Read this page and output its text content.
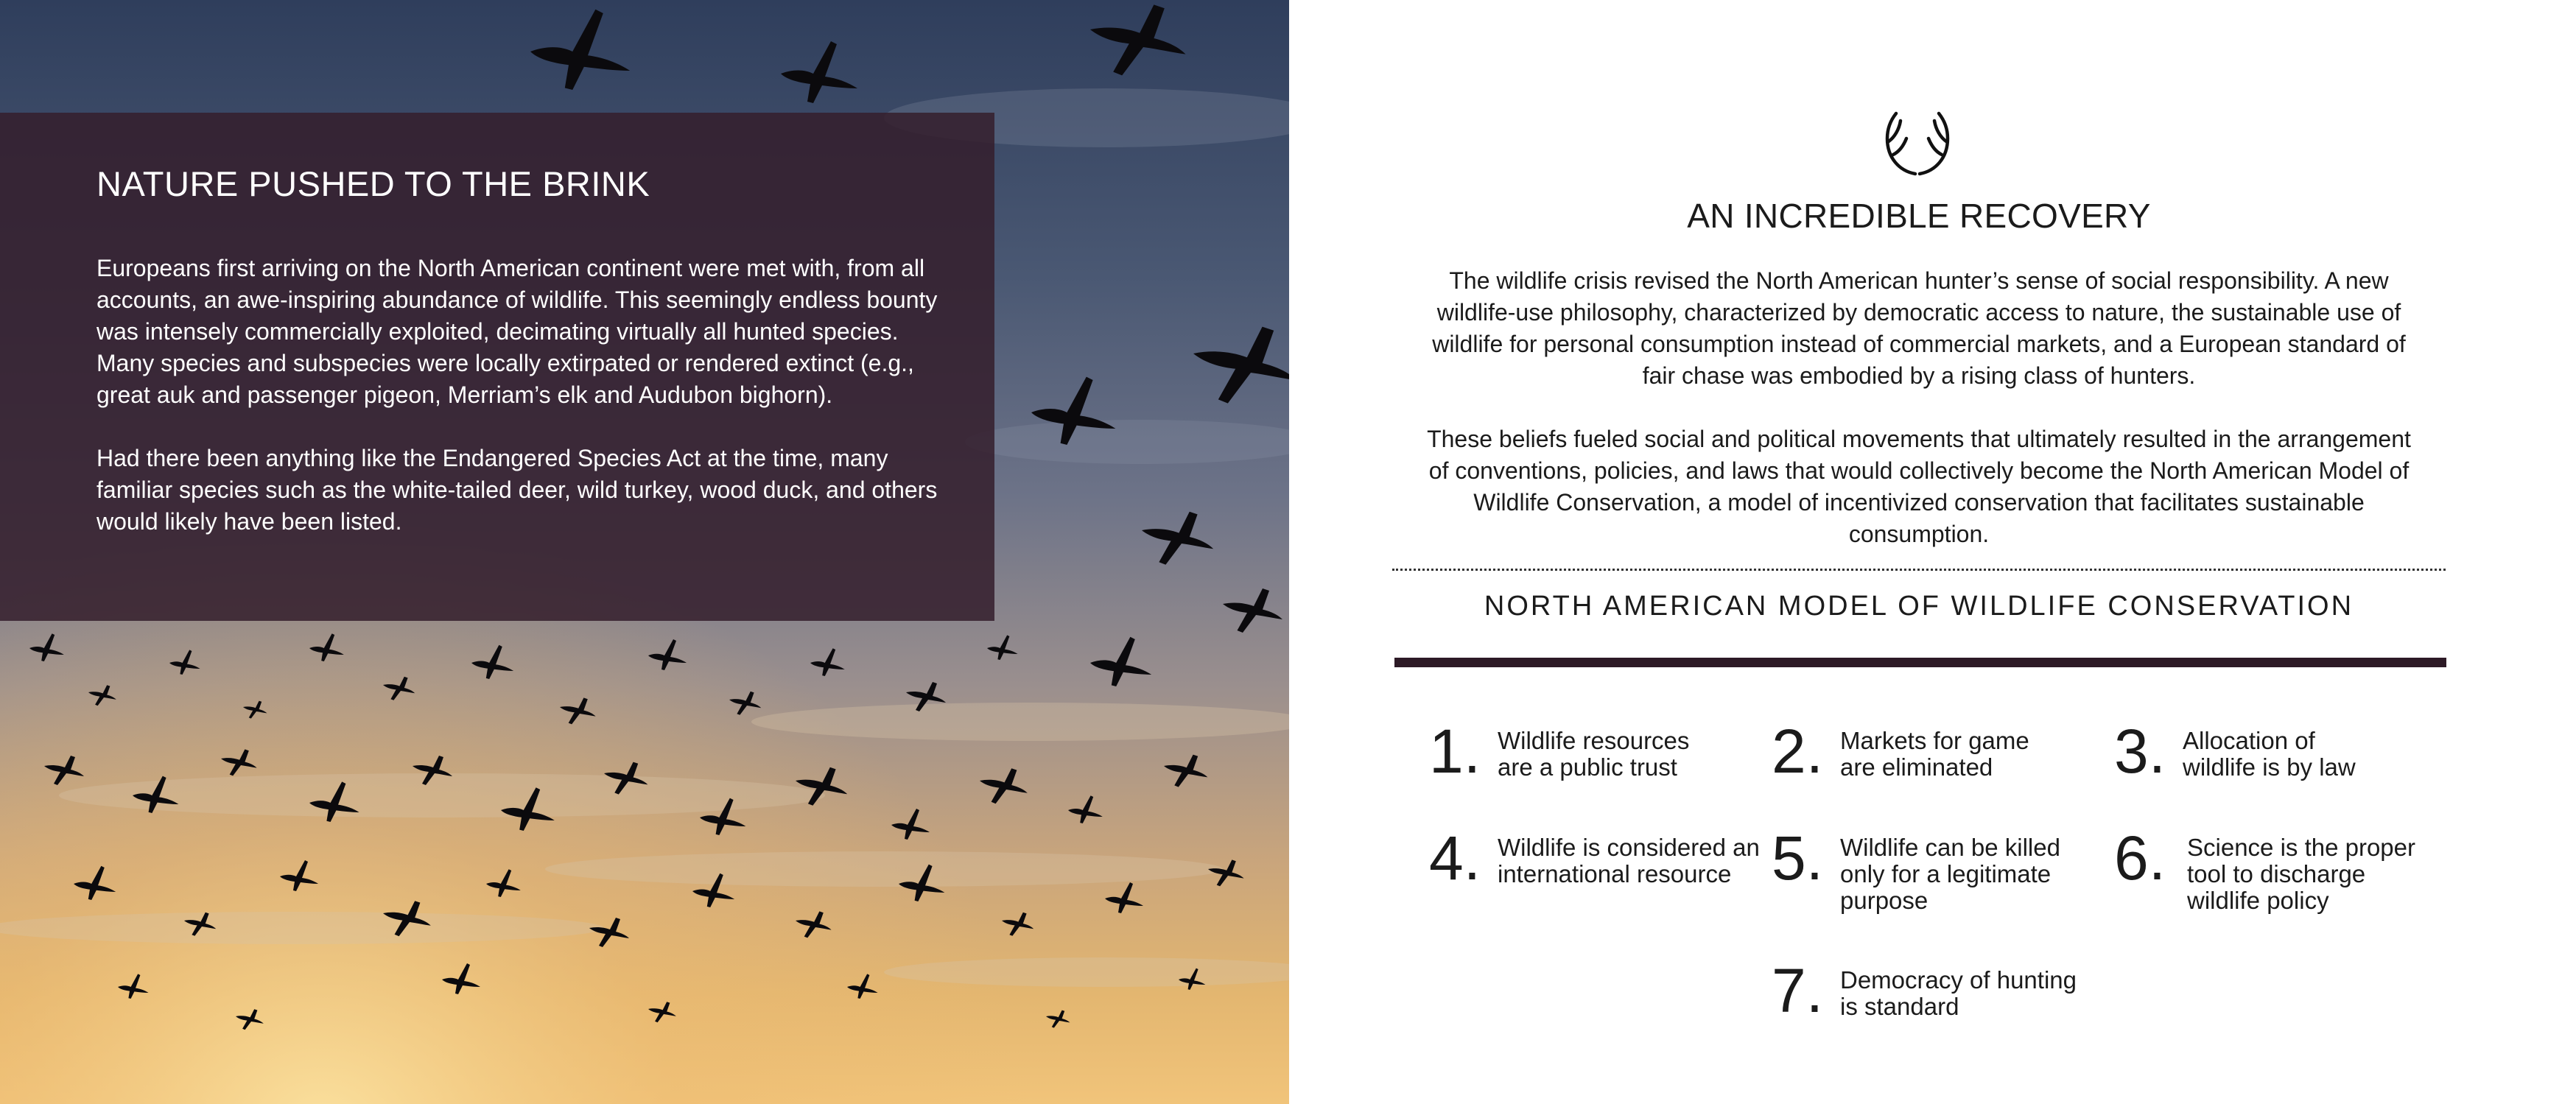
NATURE PUSHED TO THE BRINK

Europeans first arriving on the North American continent were met with, from all accounts, an awe-inspiring abundance of wildlife. This seemingly endless bounty was intensely commercially exploited, decimating virtually all hunted species. Many species and subspecies were locally extirpated or rendered extinct (e.g., great auk and passenger pigeon, Merriam’s elk and Audubon bighorn).

Had there been anything like the Endangered Species Act at the time, many familiar species such as the white-tailed deer, wild turkey, wood duck, and others would likely have been listed.

AN INCREDIBLE RECOVERY

The wildlife crisis revised the North American hunter’s sense of social responsibility. A new wildlife-use philosophy, characterized by democratic access to nature, the sustainable use of wildlife for personal consumption instead of commercial markets, and a European standard of fair chase was embodied by a rising class of hunters.

These beliefs fueled social and political movements that ultimately resulted in the arrangement of conventions, policies, and laws that would collectively become the North American Model of Wildlife Conservation, a model of incentivized conservation that facilitates sustainable consumption.

NORTH AMERICAN MODEL OF WILDLIFE CONSERVATION
1. Wildlife resources are a public trust	2. Markets for game are eliminated	3. Allocation of wildlife is by law
4. Wildlife is considered an international resource 5. Wildlife can be killed only for a legitimate purpose
6. Science is the proper tool to discharge wildlife policy
7. Democracy of hunting is standard
